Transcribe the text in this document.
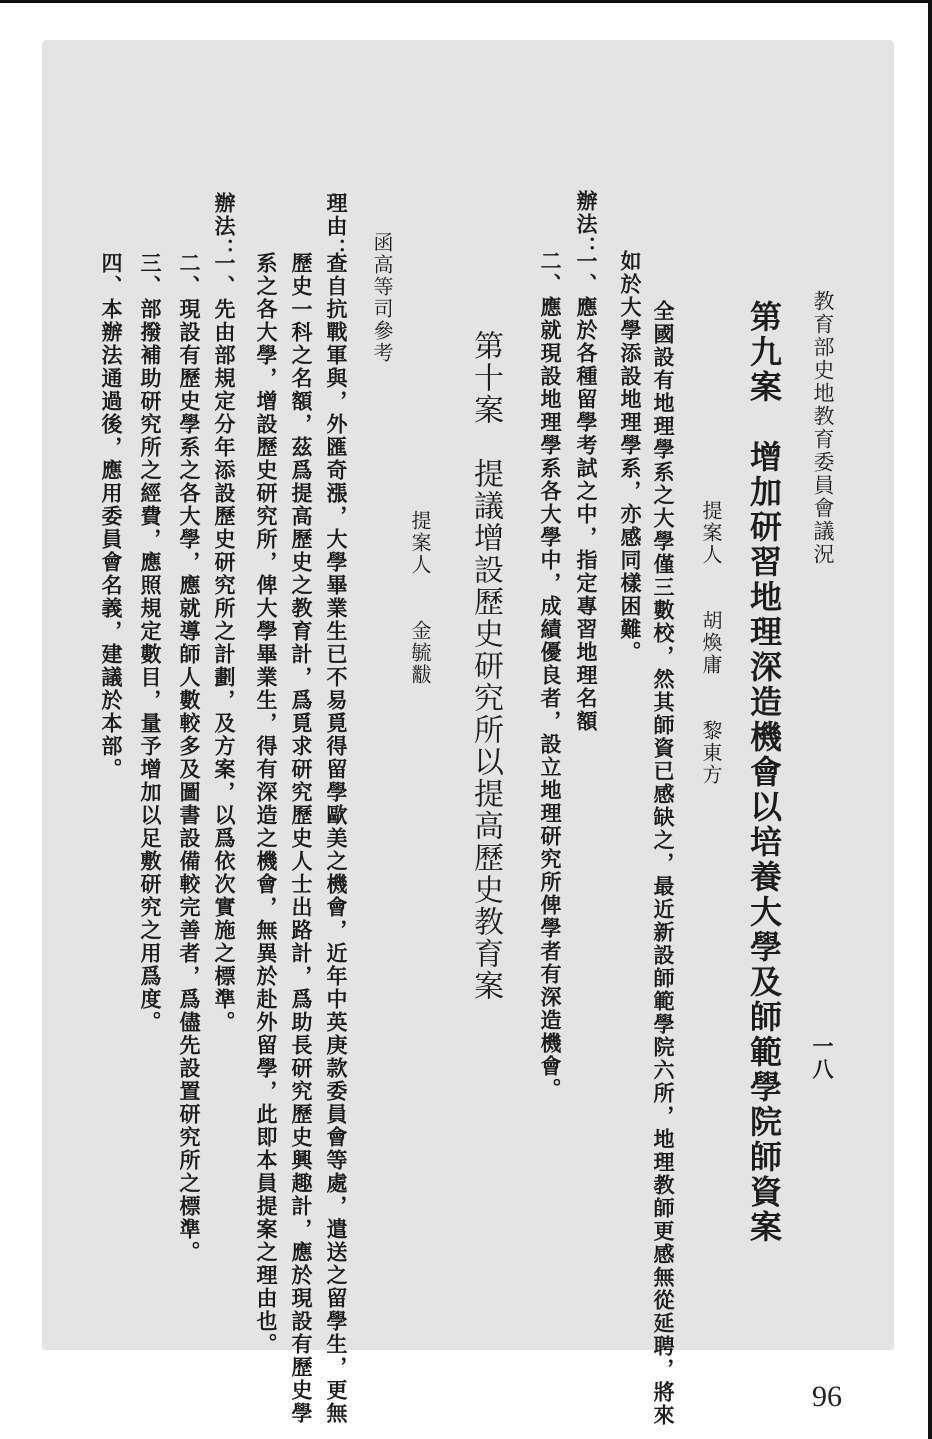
教育部史地教育委員會議況
一八
第九案　增加研習地理深造機會以培養大學及師範學院師資案
提案人　　胡煥庸　　黎東方
全國設有地理學系之大學僅三數校，然其師資已感缺之，最近新設師範學院六所，地理教師更感無從延聘，將來
如於大學添設地理學系，亦感同樣困難。
辦法：
一、應於各種留學考試之中，指定專習地理名額
二、應就現設地理學系各大學中，成績優良者，設立地理研究所俾學者有深造機會。
第十案　提議增設歷史研究所以提高歷史教育案
提案人　　金毓黻
函高等司參考
理由：
查自抗戰軍與，外匯奇漲，大學畢業生已不易覓得留學歐美之機會，近年中英庚款委員會等處，遣送之留學生，更無
歷史一科之名額，茲爲提高歷史之教育計，爲覓求研究歷史人士出路計，爲助長研究歷史興趣計，應於現設有歷史學
系之各大學，增設歷史研究所，俾大學畢業生，得有深造之機會，無異於赴外留學，此即本員提案之理由也。
辦法：
一、先由部規定分年添設歷史研究所之計劃，及方案，以爲依次實施之標準。
二、現設有歷史學系之各大學，應就導師人數較多及圖書設備較完善者，爲儘先設置研究所之標準。
三、部撥補助研究所之經費，應照規定數目，量予增加以足敷研究之用爲度。
四、本辦法通過後，應用委員會名義，建議於本部。
96
